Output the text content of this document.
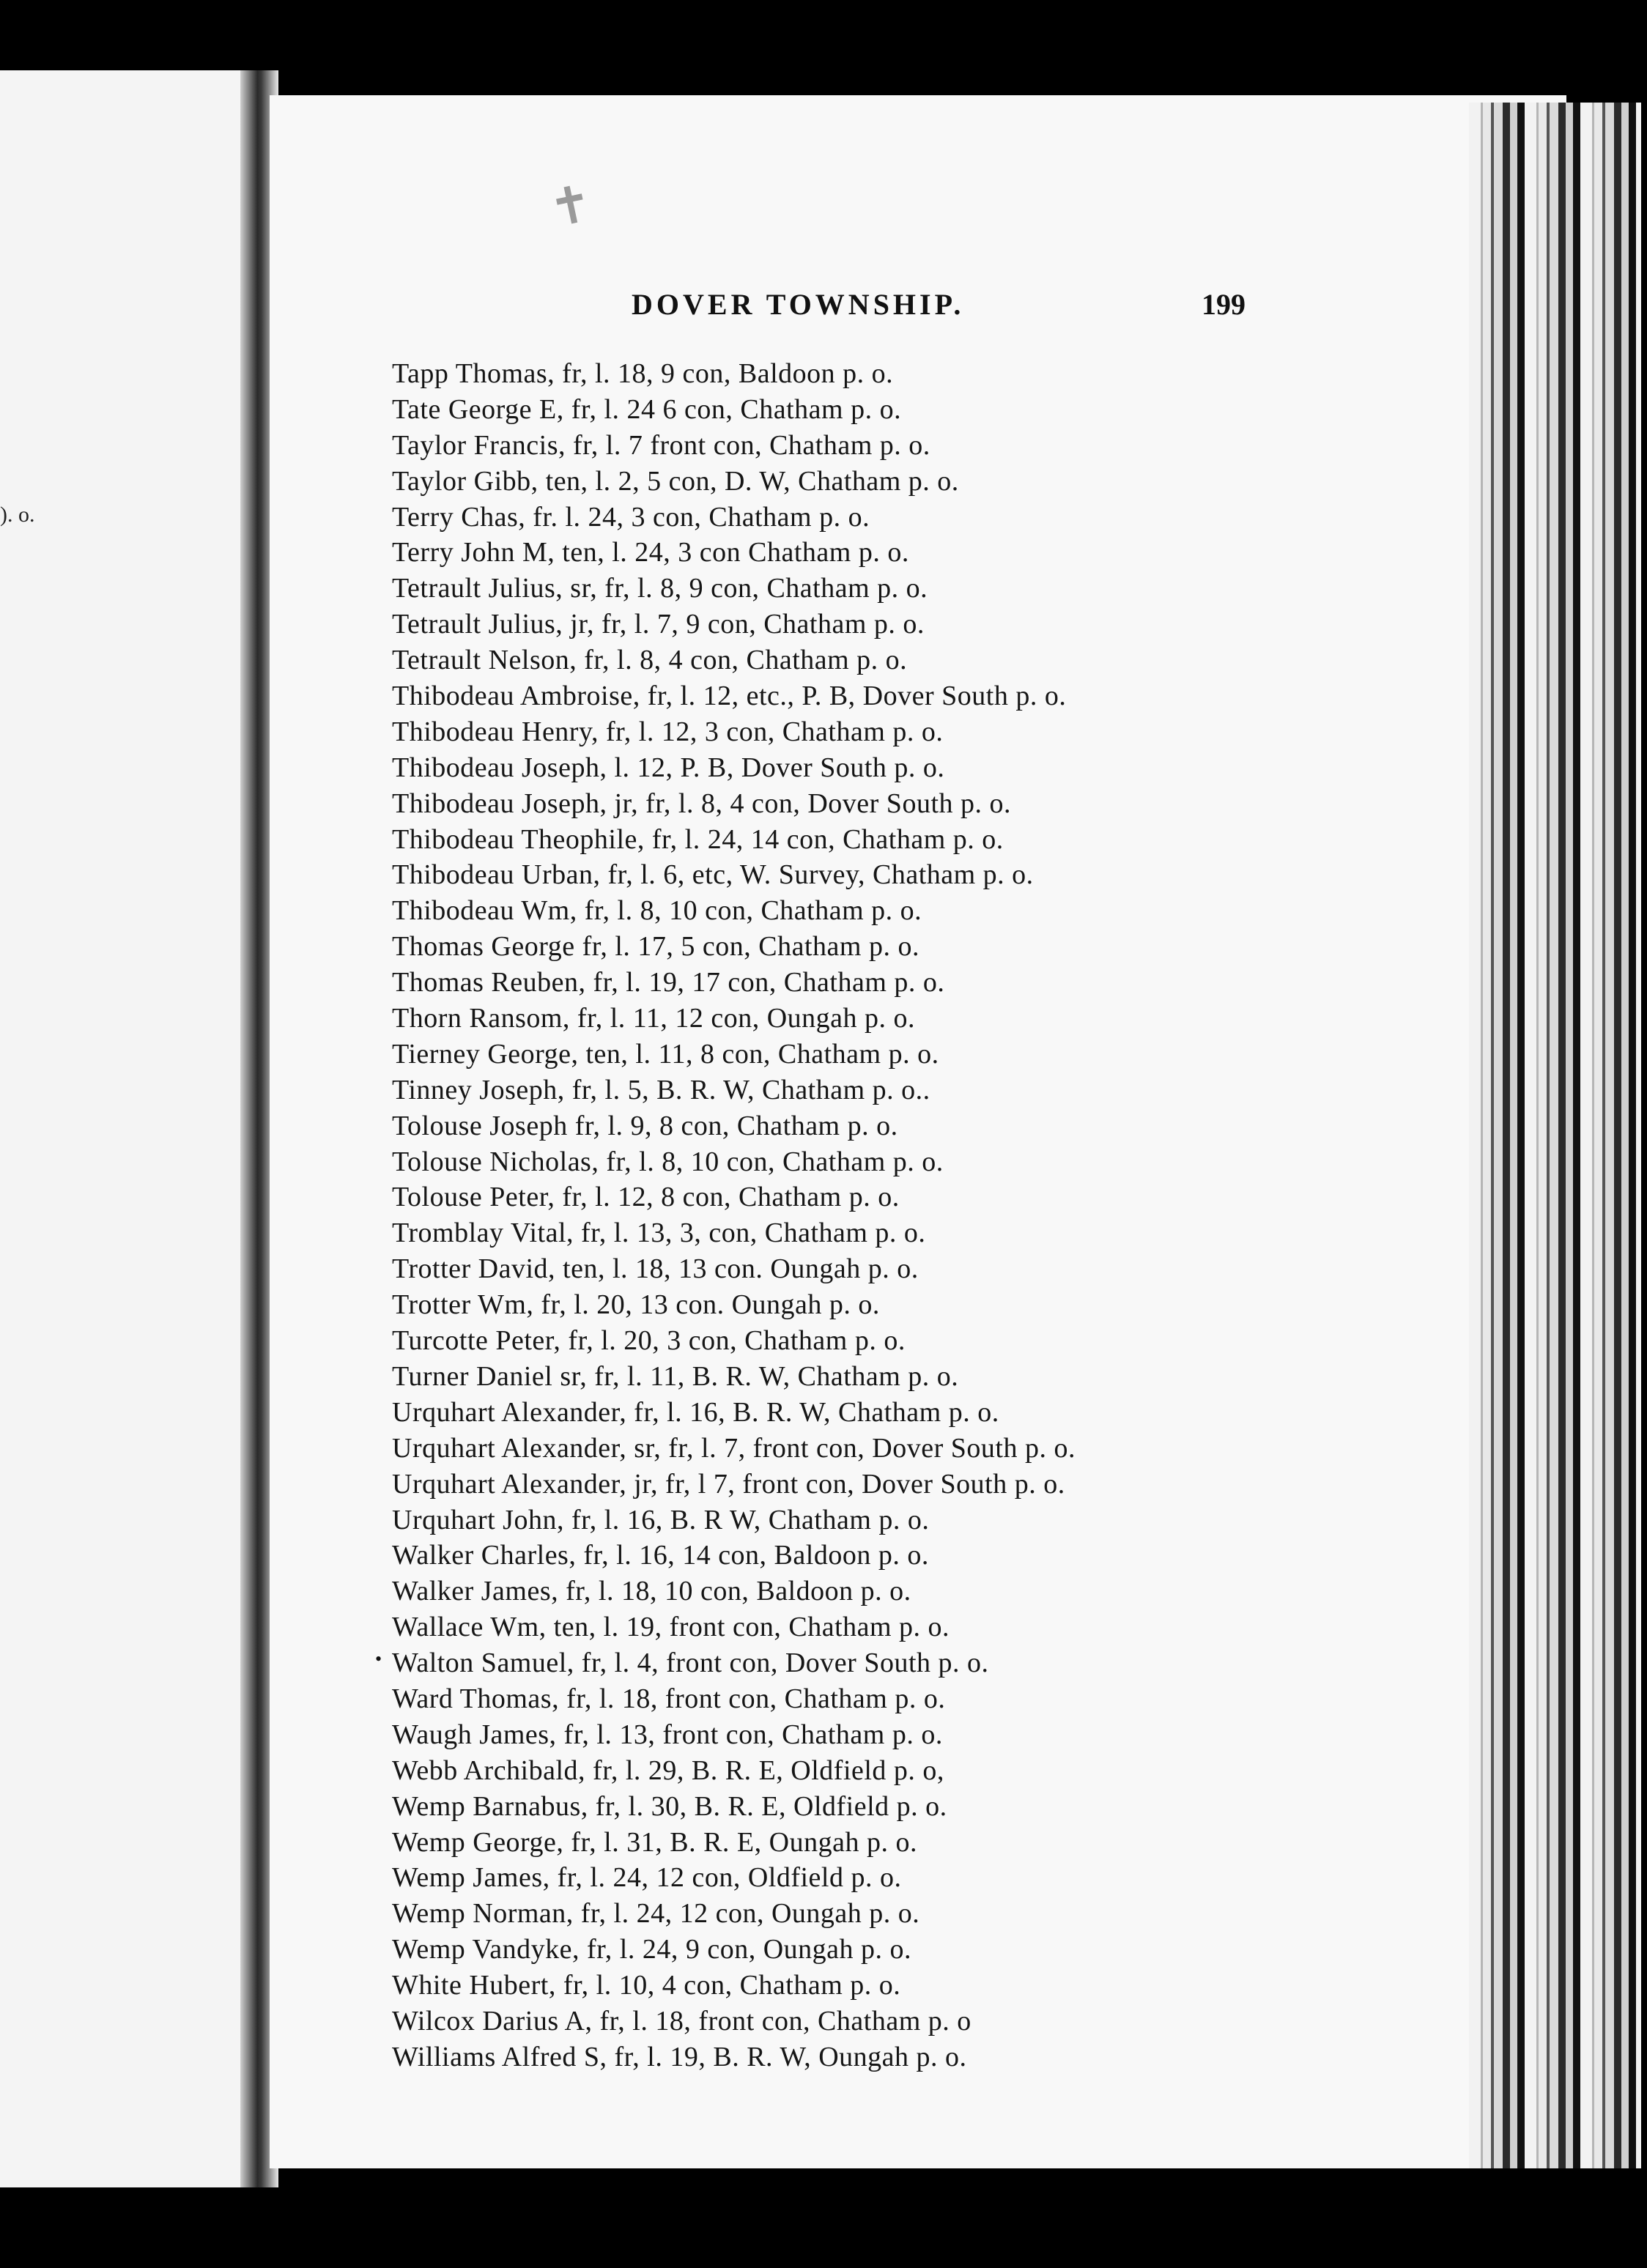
). o.
✝
DOVER TOWNSHIP.	199
•
Tapp Thomas, fr, l. 18, 9 con, Baldoon p. o.
Tate George E, fr, l. 24 6 con, Chatham p. o.
Taylor Francis, fr, l. 7 front con, Chatham p. o.
Taylor Gibb, ten, l. 2, 5 con, D. W, Chatham p. o.
Terry Chas, fr. l. 24, 3 con, Chatham p. o.
Terry John M, ten, l. 24, 3 con Chatham p. o.
Tetrault Julius, sr, fr, l. 8, 9 con, Chatham p. o.
Tetrault Julius, jr, fr, l. 7, 9 con, Chatham p. o.
Tetrault Nelson, fr, l. 8, 4 con, Chatham p. o.
Thibodeau Ambroise, fr, l. 12, etc., P. B, Dover South p. o.
Thibodeau Henry, fr, l. 12, 3 con, Chatham p. o.
Thibodeau Joseph, l. 12, P. B, Dover South p. o.
Thibodeau Joseph, jr, fr, l. 8, 4 con, Dover South p. o.
Thibodeau Theophile, fr, l. 24, 14 con, Chatham p. o.
Thibodeau Urban, fr, l. 6, etc, W. Survey, Chatham p. o.
Thibodeau Wm, fr, l. 8, 10 con, Chatham p. o.
Thomas George fr, l. 17, 5 con, Chatham p. o.
Thomas Reuben, fr, l. 19, 17 con, Chatham p. o.
Thorn Ransom, fr, l. 11, 12 con, Oungah p. o.
Tierney George, ten, l. 11, 8 con, Chatham p. o.
Tinney Joseph, fr, l. 5, B. R. W, Chatham p. o..
Tolouse Joseph fr, l. 9, 8 con, Chatham p. o.
Tolouse Nicholas, fr, l. 8, 10 con, Chatham p. o.
Tolouse Peter, fr, l. 12, 8 con, Chatham p. o.
Tromblay Vital, fr, l. 13, 3, con, Chatham p. o.
Trotter David, ten, l. 18, 13 con. Oungah p. o.
Trotter Wm, fr, l. 20, 13 con. Oungah p. o.
Turcotte Peter, fr, l. 20, 3 con, Chatham p. o.
Turner Daniel sr, fr, l. 11, B. R. W, Chatham p. o.
Urquhart Alexander, fr, l. 16, B. R. W, Chatham p. o.
Urquhart Alexander, sr, fr, l. 7, front con, Dover South p. o.
Urquhart Alexander, jr, fr, l 7, front con, Dover South p. o.
Urquhart John, fr, l. 16, B. R W, Chatham p. o.
Walker Charles, fr, l. 16, 14 con, Baldoon p. o.
Walker James, fr, l. 18, 10 con, Baldoon p. o.
Wallace Wm, ten, l. 19, front con, Chatham p. o.
Walton Samuel, fr, l. 4, front con, Dover South p. o.
Ward Thomas, fr, l. 18, front con, Chatham p. o.
Waugh James, fr, l. 13, front con, Chatham p. o.
Webb Archibald, fr, l. 29, B. R. E, Oldfield p. o,
Wemp Barnabus, fr, l. 30, B. R. E, Oldfield p. o.
Wemp George, fr, l. 31, B. R. E, Oungah p. o.
Wemp James, fr, l. 24, 12 con, Oldfield p. o.
Wemp Norman, fr, l. 24, 12 con, Oungah p. o.
Wemp Vandyke, fr, l. 24, 9 con, Oungah p. o.
White Hubert, fr, l. 10, 4 con, Chatham p. o.
Wilcox Darius A, fr, l. 18, front con, Chatham p. o
Williams Alfred S, fr, l. 19, B. R. W, Oungah p. o.
